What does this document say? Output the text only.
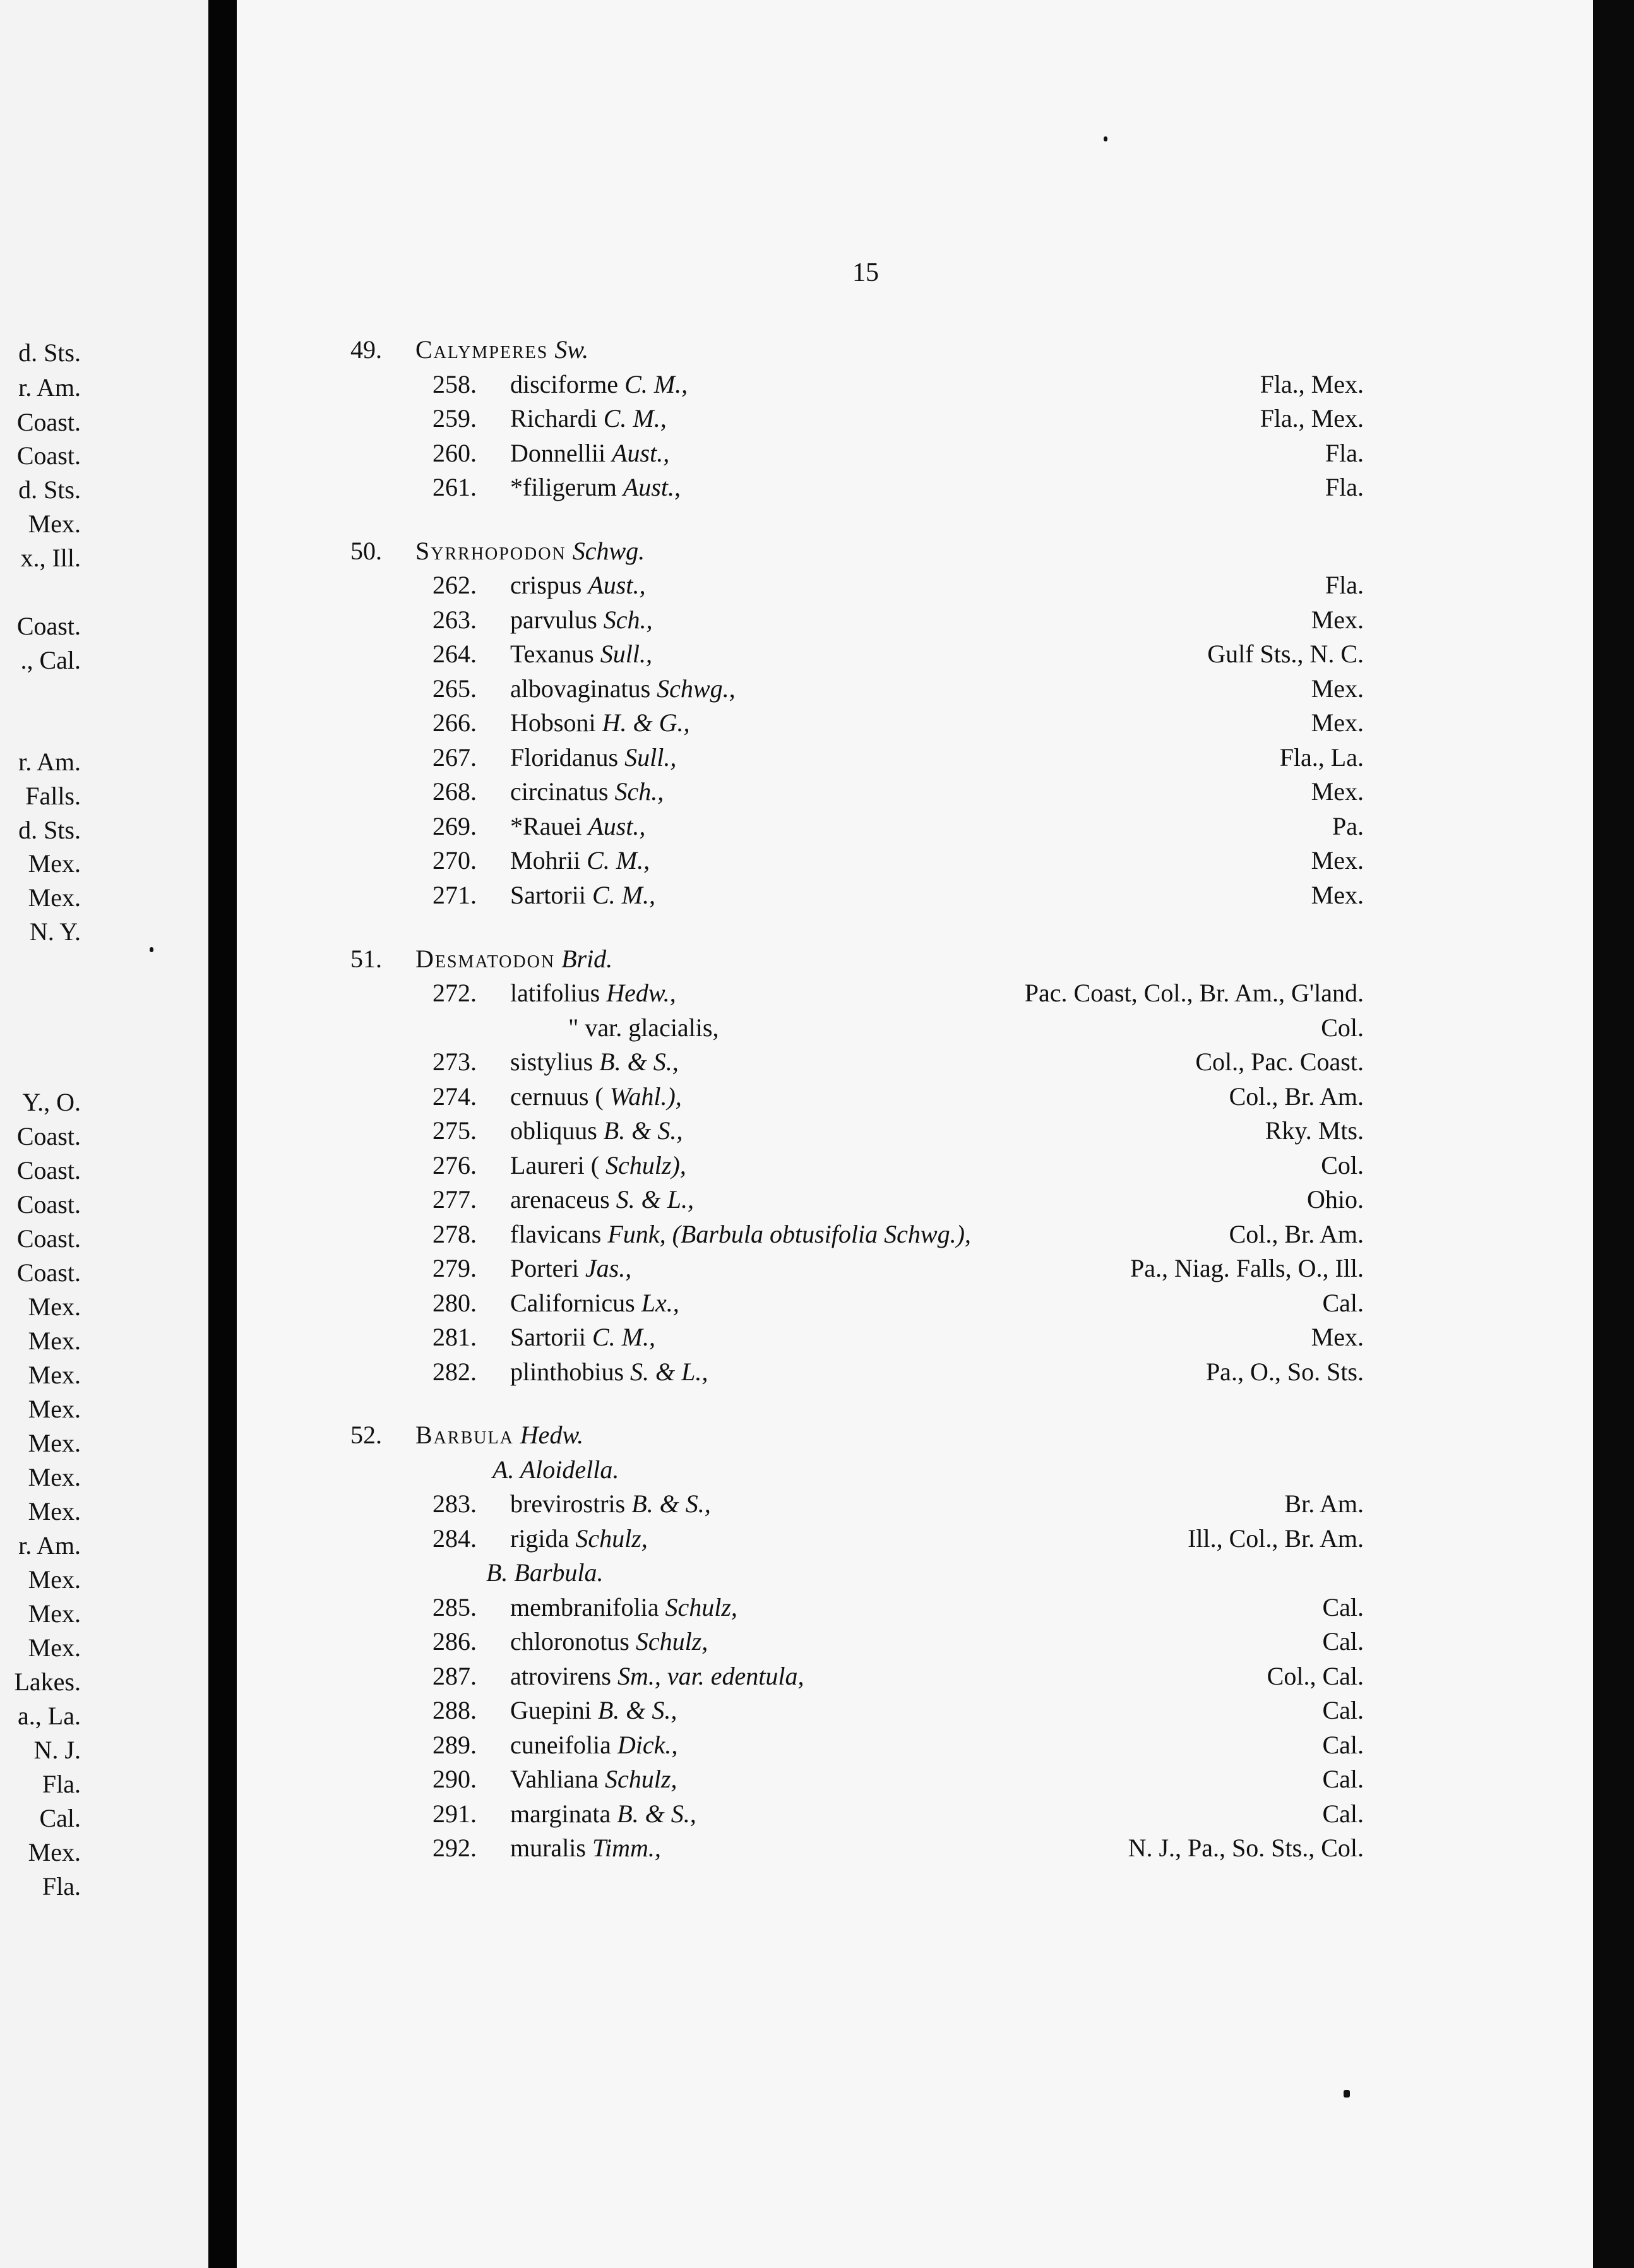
d. Sts.
r. Am.
Coast.
Coast.
d. Sts.
Mex.
x., Ill.
Coast.
., Cal.
r. Am.
Falls.
d. Sts.
Mex.
Mex.
N. Y.
Y., O.
Coast.
Coast.
Coast.
Coast.
Coast.
Mex.
Mex.
Mex.
Mex.
Mex.
Mex.
Mex.
r. Am.
Mex.
Mex.
Mex.
Lakes.
a., La.
N. J.
Fla.
Cal.
Mex.
Fla.
15
49. Calymperes Sw.
258. disciforme C. M.,	Fla., Mex.
259. Richardi C. M.,	Fla., Mex.
260. Donnellii Aust.,	Fla.
261. *filigerum Aust.,	Fla.
50. Syrrhopodon Schwg.
262. crispus Aust.,	Fla.
263. parvulus Sch.,	Mex.
264. Texanus Sull.,	Gulf Sts., N. C.
265. albovaginatus Schwg.,	Mex.
266. Hobsoni H. & G.,	Mex.
267. Floridanus Sull.,	Fla., La.
268. circinatus Sch.,	Mex.
269. *Rauei Aust.,	Pa.
270. Mohrii C. M.,	Mex.
271. Sartorii C. M.,	Mex.
51. Desmatodon Brid.
272. latifolius Hedw.,	Pac. Coast, Col., Br. Am., G'land.
" var. glacialis,	Col.
273. sistylius B. & S.,	Col., Pac. Coast.
274. cernuus ( Wahl.),	Col., Br. Am.
275. obliquus B. & S.,	Rky. Mts.
276. Laureri ( Schulz),	Col.
277. arenaceus S. & L.,	Ohio.
278. flavicans Funk, (Barbula obtusifolia Schwg.),	Col., Br. Am.
279. Porteri Jas.,	Pa., Niag. Falls, O., Ill.
280. Californicus Lx.,	Cal.
281. Sartorii C. M.,	Mex.
282. plinthobius S. & L.,	Pa., O., So. Sts.
52. Barbula Hedw.
A. Aloidella.
283. brevirostris B. & S.,	Br. Am.
284. rigida Schulz,	Ill., Col., Br. Am.
B. Barbula.
285. membranifolia Schulz,	Cal.
286. chloronotus Schulz,	Cal.
287. atrovirens Sm., var. edentula,	Col., Cal.
288. Guepini B. & S.,	Cal.
289. cuneifolia Dick.,	Cal.
290. Vahliana Schulz,	Cal.
291. marginata B. & S.,	Cal.
292. muralis Timm.,	N. J., Pa., So. Sts., Col.
